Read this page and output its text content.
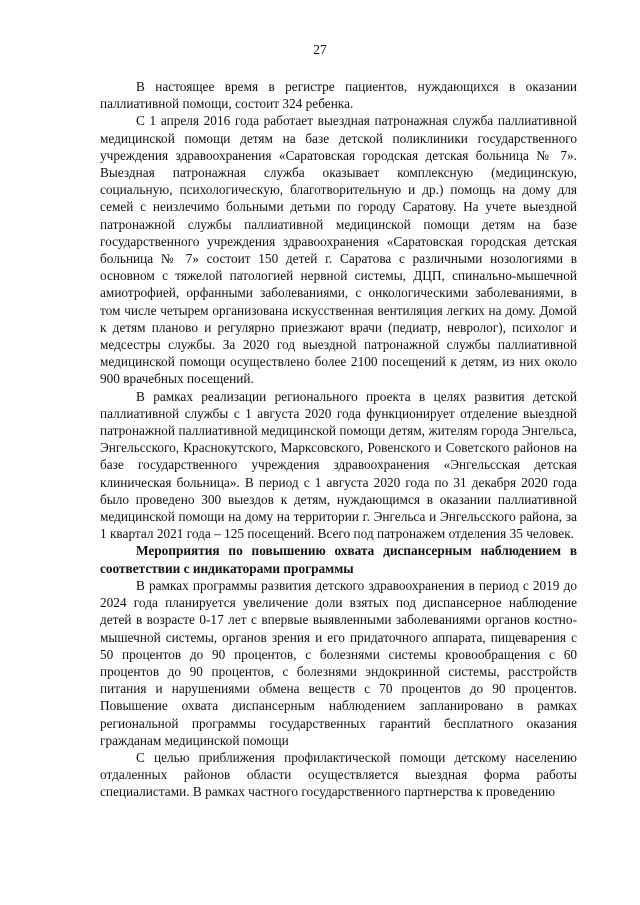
27

В настоящее время в регистре пациентов, нуждающихся в оказании паллиативной помощи, состоит 324 ребенка.

С 1 апреля 2016 года работает выездная патронажная служба паллиативной медицинской помощи детям на базе детской поликлиники государственного учреждения здравоохранения «Саратовская городская детская больница № 7». Выездная патронажная служба оказывает комплексную (медицинскую, социальную, психологическую, благотворительную и др.) помощь на дому для семей с неизлечимо больными детьми по городу Саратову. На учете выездной патронажной службы паллиативной медицинской помощи детям на базе государственного учреждения здравоохранения «Саратовская городская детская больница № 7» состоит 150 детей г. Саратова с различными нозологиями в основном с тяжелой патологией нервной системы, ДЦП, спинально-мышечной амиотрофией, орфанными заболеваниями, с онкологическими заболеваниями, в том числе четырем организована искусственная вентиляция легких на дому. Домой к детям планово и регулярно приезжают врачи (педиатр, невролог), психолог и медсестры службы. За 2020 год выездной патронажной службы паллиативной медицинской помощи осуществлено более 2100 посещений к детям, из них около 900 врачебных посещений.

В рамках реализации регионального проекта в целях развития детской паллиативной службы с 1 августа 2020 года функционирует отделение выездной патронажной паллиативной медицинской помощи детям, жителям города Энгельса, Энгельсского, Краснокутского, Марксовского, Ровенского и Советского районов на базе государственного учреждения здравоохранения «Энгельсская детская клиническая больница». В период с 1 августа 2020 года по 31 декабря 2020 года было проведено 300 выездов к детям, нуждающимся в оказании паллиативной медицинской помощи на дому на территории г. Энгельса и Энгельсского района, за 1 квартал 2021 года – 125 посещений. Всего под патронажем отделения 35 человек.

Мероприятия по повышению охвата диспансерным наблюдением в соответствии с индикаторами программы

В рамках программы развития детского здравоохранения в период с 2019 до 2024 года планируется увеличение доли взятых под диспансерное наблюдение детей в возрасте 0-17 лет с впервые выявленными заболеваниями органов костно-мышечной системы, органов зрения и его придаточного аппарата, пищеварения с 50 процентов до 90 процентов, с болезнями системы кровообращения с 60 процентов до 90 процентов, с болезнями эндокринной системы, расстройств питания и нарушениями обмена веществ с 70 процентов до 90 процентов. Повышение охвата диспансерным наблюдением запланировано в рамках региональной программы государственных гарантий бесплатного оказания гражданам медицинской помощи

С целью приближения профилактической помощи детскому населению отдаленных районов области осуществляется выездная форма работы специалистами. В рамках частного государственного партнерства к проведению
